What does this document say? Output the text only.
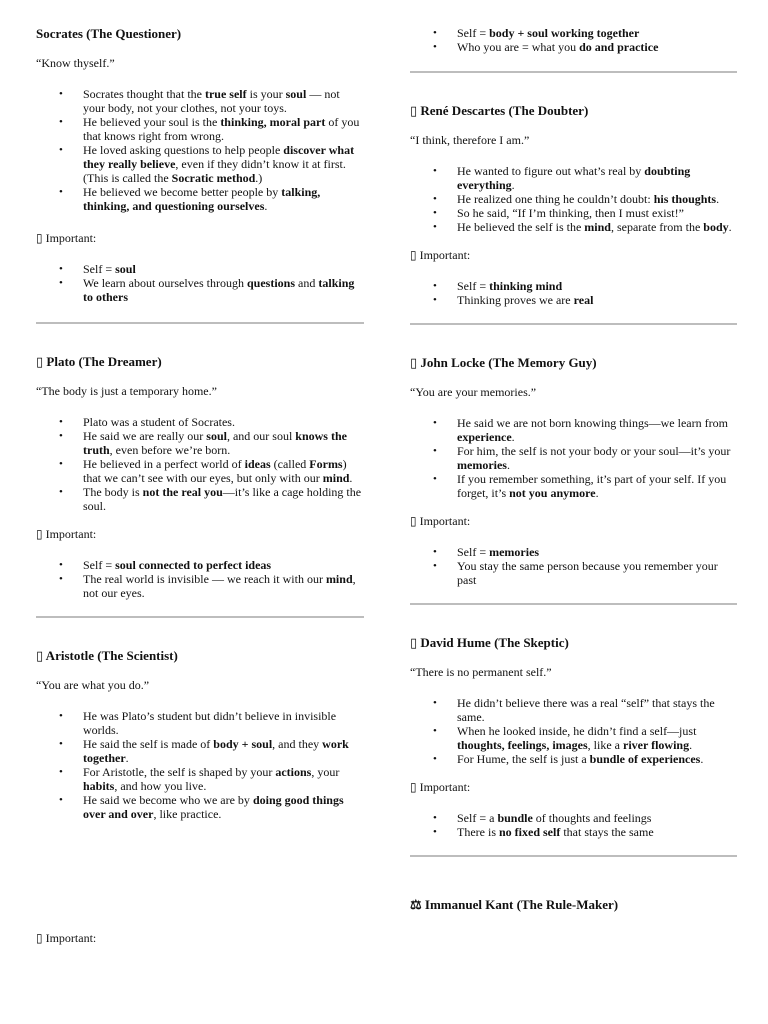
Socrates (The Questioner)

“Know thyself.”

• Socrates thought that the true self is your soul — not your body, not your clothes, not your toys.
• He believed your soul is the thinking, moral part of you that knows right from wrong.
• He loved asking questions to help people discover what they really believe, even if they didn’t know it at first. (This is called the Socratic method.)
• He believed we become better people by talking, thinking, and questioning ourselves.

▯ Important:

• Self = soul
• We learn about ourselves through questions and talking to others
▯ Plato (The Dreamer)

“The body is just a temporary home.”

• Plato was a student of Socrates.
• He said we are really our soul, and our soul knows the truth, even before we’re born.
• He believed in a perfect world of ideas (called Forms) that we can’t see with our eyes, but only with our mind.
• The body is not the real you—it’s like a cage holding the soul.

▯ Important:

• Self = soul connected to perfect ideas
• The real world is invisible — we reach it with our mind, not our eyes.
▯ Aristotle (The Scientist)

“You are what you do.”

• He was Plato’s student but didn’t believe in invisible worlds.
• He said the self is made of body + soul, and they work together.
• For Aristotle, the self is shaped by your actions, your habits, and how you live.
• He said we become who we are by doing good things over and over, like practice.

▯ Important:

• Self = body + soul working together
• Who you are = what you do and practice
▯ René Descartes (The Doubter)

“I think, therefore I am.”

• He wanted to figure out what’s real by doubting everything.
• He realized one thing he couldn’t doubt: his thoughts.
• So he said, “If I’m thinking, then I must exist!”
• He believed the self is the mind, separate from the body.

▯ Important:

• Self = thinking mind
• Thinking proves we are real
▯ John Locke (The Memory Guy)

“You are your memories.”

• He said we are not born knowing things—we learn from experience.
• For him, the self is not your body or your soul—it’s your memories.
• If you remember something, it’s part of your self. If you forget, it’s not you anymore.

▯ Important:

• Self = memories
• You stay the same person because you remember your past
▯ David Hume (The Skeptic)

“There is no permanent self.”

• He didn’t believe there was a real “self” that stays the same.
• When he looked inside, he didn’t find a self—just thoughts, feelings, images, like a river flowing.
• For Hume, the self is just a bundle of experiences.

▯ Important:

• Self = a bundle of thoughts and feelings
• There is no fixed self that stays the same
⚖ Immanuel Kant (The Rule-Maker)
